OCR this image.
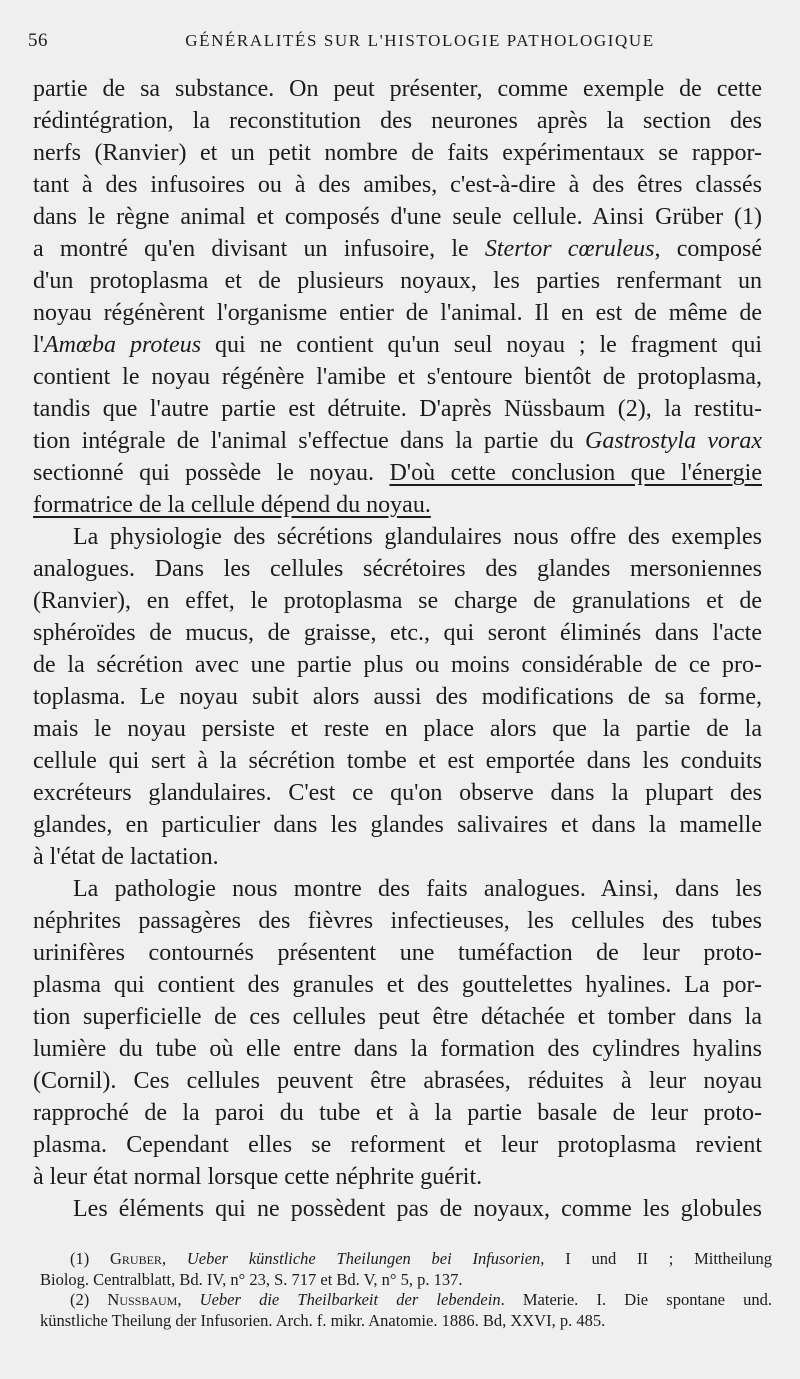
56	GÉNÉRALITÉS SUR L'HISTOLOGIE PATHOLOGIQUE
partie de sa substance. On peut présenter, comme exemple de cette
rédintégration, la reconstitution des neurones après la section des
nerfs (Ranvier) et un petit nombre de faits expérimentaux se rappor-
tant à des infusoires ou à des amibes, c'est-à-dire à des êtres classés
dans le règne animal et composés d'une seule cellule. Ainsi Grüber (1)
a montré qu'en divisant un infusoire, le Stertor cœruleus, composé
d'un protoplasma et de plusieurs noyaux, les parties renfermant un
noyau régénèrent l'organisme entier de l'animal. Il en est de même de
l'Amœba proteus qui ne contient qu'un seul noyau ; le fragment qui
contient le noyau régénère l'amibe et s'entoure bientôt de protoplasma,
tandis que l'autre partie est détruite. D'après Nüssbaum (2), la restitu-
tion intégrale de l'animal s'effectue dans la partie du Gastrostyla vorax
sectionné qui possède le noyau. D'où cette conclusion que l'énergie
formatrice de la cellule dépend du noyau.
La physiologie des sécrétions glandulaires nous offre des exemples
analogues. Dans les cellules sécrétoires des glandes mersoniennes
(Ranvier), en effet, le protoplasma se charge de granulations et de
sphéroïdes de mucus, de graisse, etc., qui seront éliminés dans l'acte
de la sécrétion avec une partie plus ou moins considérable de ce pro-
toplasma. Le noyau subit alors aussi des modifications de sa forme,
mais le noyau persiste et reste en place alors que la partie de la
cellule qui sert à la sécrétion tombe et est emportée dans les conduits
excréteurs glandulaires. C'est ce qu'on observe dans la plupart des
glandes, en particulier dans les glandes salivaires et dans la mamelle
à l'état de lactation.
La pathologie nous montre des faits analogues. Ainsi, dans les
néphrites passagères des fièvres infectieuses, les cellules des tubes
urinifères contournés présentent une tuméfaction de leur proto-
plasma qui contient des granules et des gouttelettes hyalines. La por-
tion superficielle de ces cellules peut être détachée et tomber dans la
lumière du tube où elle entre dans la formation des cylindres hyalins
(Cornil). Ces cellules peuvent être abrasées, réduites à leur noyau
rapproché de la paroi du tube et à la partie basale de leur proto-
plasma. Cependant elles se reforment et leur protoplasma revient
à leur état normal lorsque cette néphrite guérit.
Les éléments qui ne possèdent pas de noyaux, comme les globules
(1) Gruber, Ueber künstliche Theilungen bei Infusorien, I und II ; Mittheilung
Biolog. Centralblatt, Bd. IV, n° 23, S. 717 et Bd. V, n° 5, p. 137.
(2) Nussbaum, Ueber die Theilbarkeit der lebendein. Materie. I. Die spontane und.
künstliche Theilung der Infusorien. Arch. f. mikr. Anatomie. 1886. Bd, XXVI, p. 485.
